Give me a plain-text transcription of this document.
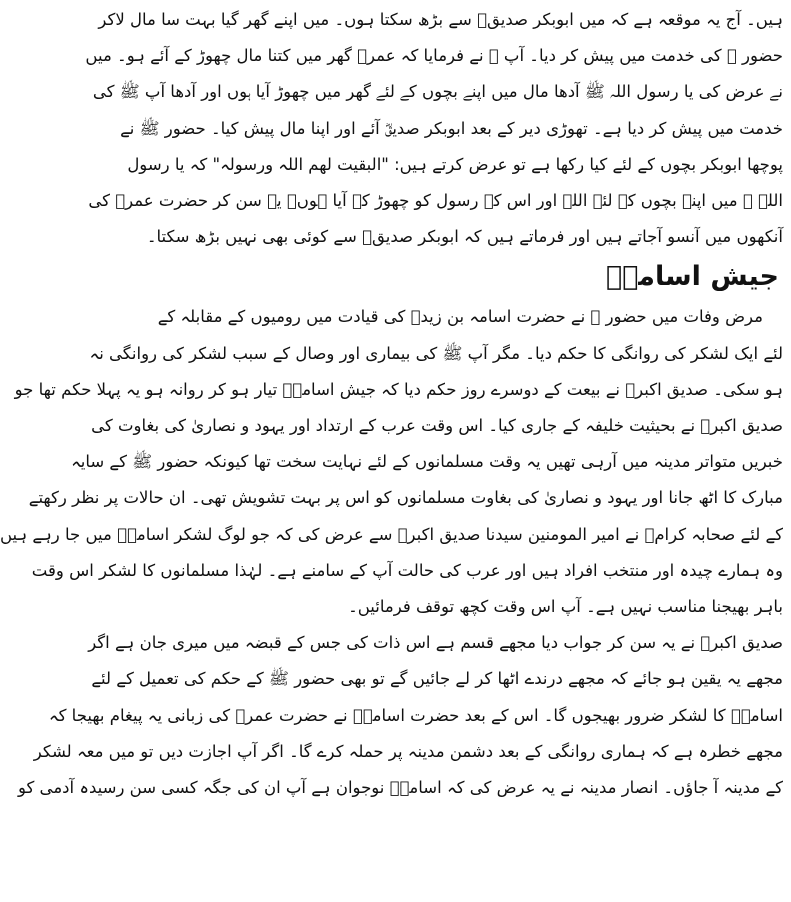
ہیں۔ آج یہ موقعہ ہے کہ میں ابوبکر صدیقؓ سے بڑھ سکتا ہوں۔ میں اپنے گھر گیا بہت سا مال لاکر

حضور ﷺ کی خدمت میں پیش کر دیا۔ آپ ﷺ نے فرمایا کہ عمرؓ گھر میں کتنا مال چھوڑ کے آئے ہو۔ میں

نے عرض کی یا رسول اللہ ﷺ آدھا مال میں اپنے بچوں کے لئے گھر میں چھوڑ آیا ہوں اور آدھا آپ ﷺ کی

خدمت میں پیش کر دیا ہے۔ تھوڑی دیر کے بعد ابوبکر صدیقؓ آئے اور اپنا مال پیش کیا۔ حضور ﷺ نے

پوچھا ابوبکر بچوں کے لئے کیا رکھا ہے تو عرض کرتے ہیں: "البقیت لھم اللہ ورسولہ" کہ یا رسول

اللہ ﷺ میں اپنے بچوں کے لئے اللہ اور اس کے رسول کو چھوڑ کے آیا ہوں۔ یہ سن کر حضرت عمرؓ کی

آنکھوں میں آنسو آجاتے ہیں اور فرماتے ہیں کہ ابوبکر صدیقؓ سے کوئی بھی نہیں بڑھ سکتا۔

جیش اسامہؓ

مرض وفات میں حضور ﷺ نے حضرت اسامہ بن زیدؓ کی قیادت میں رومیوں کے مقابلہ کے

لئے ایک لشکر کی روانگی کا حکم دیا۔ مگر آپ ﷺ کی بیماری اور وصال کے سبب لشکر کی روانگی نہ

ہو سکی۔ صدیق اکبرؓ نے بیعت کے دوسرے روز حکم دیا کہ جیش اسامہؓ تیار ہو کر روانہ ہو یہ پہلا حکم تھا جو

صدیق اکبرؓ نے بحیثیت خلیفہ کے جاری کیا۔ اس وقت عرب کے ارتداد اور یہود و نصاریٰ کی بغاوت کی

خبریں متواتر مدینہ میں آرہی تھیں یہ وقت مسلمانوں کے لئے نہایت سخت تھا کیونکہ حضور ﷺ کے سایہ

مبارک کا اٹھ جانا اور یہود و نصاریٰ کی بغاوت مسلمانوں کو اس پر بہت تشویش تھی۔ ان حالات پر نظر رکھتے

کے لئے صحابہ کرامؓ نے امیر المومنین سیدنا صدیق اکبرؓ سے عرض کی کہ جو لوگ لشکر اسامہؓ میں جا رہے ہیں

وہ ہمارے چیدہ اور منتخب افراد ہیں اور عرب کی حالت آپ کے سامنے ہے۔ لہٰذا مسلمانوں کا لشکر اس وقت

باہر بھیجنا مناسب نہیں ہے۔ آپ اس وقت کچھ توقف فرمائیں۔

صدیق اکبرؓ نے یہ سن کر جواب دیا مجھے قسم ہے اس ذات کی جس کے قبضہ میں میری جان ہے اگر

مجھے یہ یقین ہو جائے کہ مجھے درندے اٹھا کر لے جائیں گے تو بھی حضور ﷺ کے حکم کی تعمیل کے لئے

اسامہؓ کا لشکر ضرور بھیجوں گا۔ اس کے بعد حضرت اسامہؓ نے حضرت عمرؓ کی زبانی یہ پیغام بھیجا کہ

مجھے خطرہ ہے کہ ہماری روانگی کے بعد دشمن مدینہ پر حملہ کرے گا۔ اگر آپ اجازت دیں تو میں معہ لشکر

کے مدینہ آ جاؤں۔ انصار مدینہ نے یہ عرض کی کہ اسامہؓ نوجوان ہے آپ ان کی جگہ کسی سن رسیدہ آدمی کو
